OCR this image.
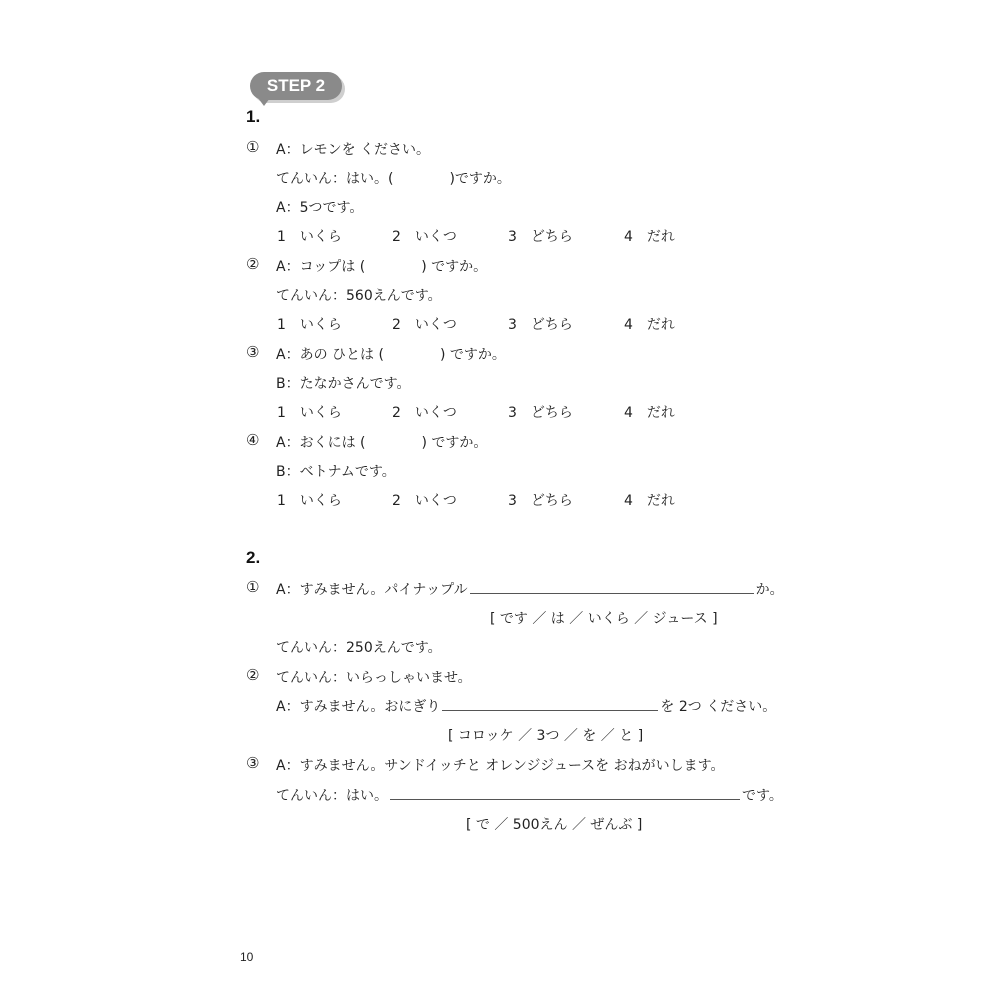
STEP 2
1.
① A：レモンを ください。
てんいん：はい。(　　　　)ですか。
A：5つです。
1　いくら	2　いくつ	3　どちら	4　だれ
② A：コップは (　　　　) ですか。
てんいん：560えんです。
1　いくら	2　いくつ	3　どちら	4　だれ
③ A：あの ひとは (　　　　) ですか。
B：たなかさんです。
1　いくら	2　いくつ	3　どちら	4　だれ
④ A：おくには (　　　　) ですか。
B：ベトナムです。
1　いくら	2　いくつ	3　どちら	4　だれ
2.
① A：すみません。パイナップル	か。
[ です ／ は ／ いくら ／ ジュース ]
てんいん：250えんです。
② てんいん：いらっしゃいませ。
A：すみません。おにぎり	を 2つ ください。
[ コロッケ ／ 3つ ／ を ／ と ]
③ A：すみません。サンドイッチと オレンジジュースを おねがいします。
てんいん：はい。	です。
[ で ／ 500えん ／ ぜんぶ ]
10
